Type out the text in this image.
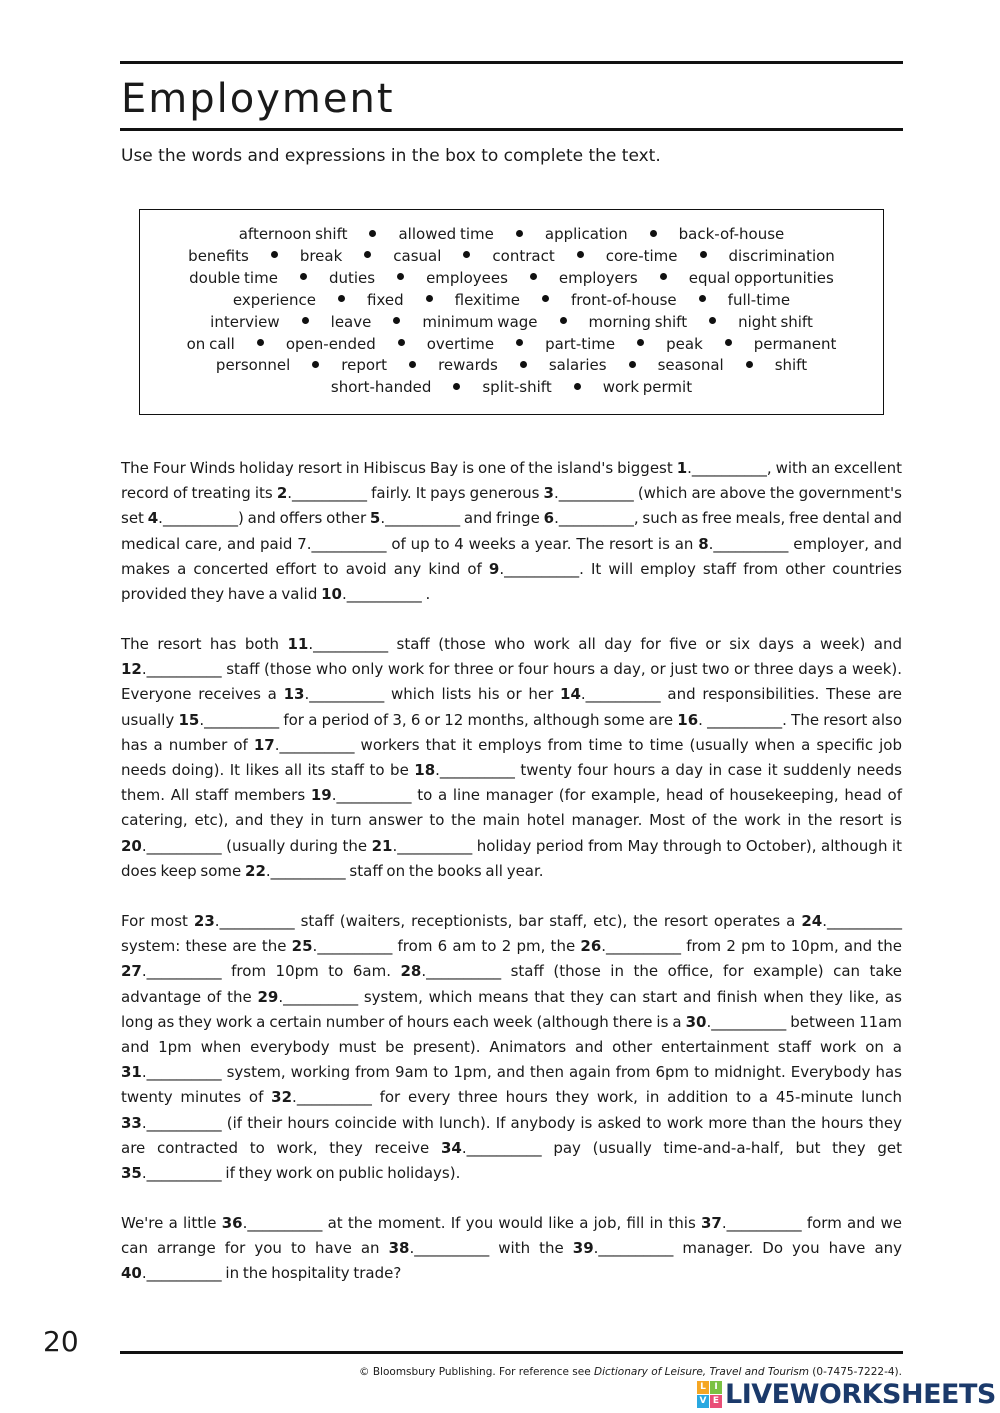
Employment
Use the words and expressions in the box to complete the text.
afternoon shift	allowed time	application	back-of-house
benefits	break	casual	contract	core-time	discrimination
double time	duties	employees	employers	equal opportunities
experience	fixed	flexitime	front-of-house	full-time
interview	leave	minimum wage	morning shift	night shift
on call	open-ended	overtime	part-time	peak	permanent
personnel	report	rewards	salaries	seasonal	shift
short-handed	split-shift	work permit

The Four Winds holiday resort in Hibiscus Bay is one of the island's biggest 1.__________, with an excellent record of treating its 2.__________ fairly. It pays generous 3.__________ (which are above the government's set 4.__________) and offers other 5.__________ and fringe 6.__________, such as free meals, free dental and medical care, and paid 7.__________ of up to 4 weeks a year. The resort is an 8.__________ employer, and makes a concerted effort to avoid any kind of 9.__________. It will employ staff from other countries provided they have a valid 10.__________ .

The resort has both 11.__________ staff (those who work all day for five or six days a week) and 12.__________ staff (those who only work for three or four hours a day, or just two or three days a week). Everyone receives a 13.__________ which lists his or her 14.__________ and responsibilities. These are usually 15.__________ for a period of 3, 6 or 12 months, although some are 16. __________. The resort also has a number of 17.__________ workers that it employs from time to time (usually when a specific job needs doing). It likes all its staff to be 18.__________ twenty four hours a day in case it suddenly needs them. All staff members 19.__________ to a line manager (for example, head of housekeeping, head of catering, etc), and they in turn answer to the main hotel manager. Most of the work in the resort is 20.__________ (usually during the 21.__________ holiday period from May through to October), although it does keep some 22.__________ staff on the books all year.

For most 23.__________ staff (waiters, receptionists, bar staff, etc), the resort operates a 24.__________ system: these are the 25.__________ from 6 am to 2 pm, the 26.__________ from 2 pm to 10pm, and the 27.__________ from 10pm to 6am. 28.__________ staff (those in the office, for example) can take advantage of the 29.__________ system, which means that they can start and finish when they like, as long as they work a certain number of hours each week (although there is a 30.__________ between 11am and 1pm when everybody must be present). Animators and other entertainment staff work on a 31.__________ system, working from 9am to 1pm, and then again from 6pm to midnight. Everybody has twenty minutes of 32.__________ for every three hours they work, in addition to a 45-minute lunch 33.__________ (if their hours coincide with lunch). If anybody is asked to work more than the hours they are contracted to work, they receive 34.__________ pay (usually time-and-a-half, but they get 35.__________ if they work on public holidays).

We're a little 36.__________ at the moment. If you would like a job, fill in this 37.__________ form and we can arrange for you to have an 38.__________ with the 39.__________ manager. Do you have any 40.__________ in the hospitality trade?

20
© Bloomsbury Publishing. For reference see Dictionary of Leisure, Travel and Tourism (0-7475-7222-4).
L I
V E LIVEWORKSHEETS
